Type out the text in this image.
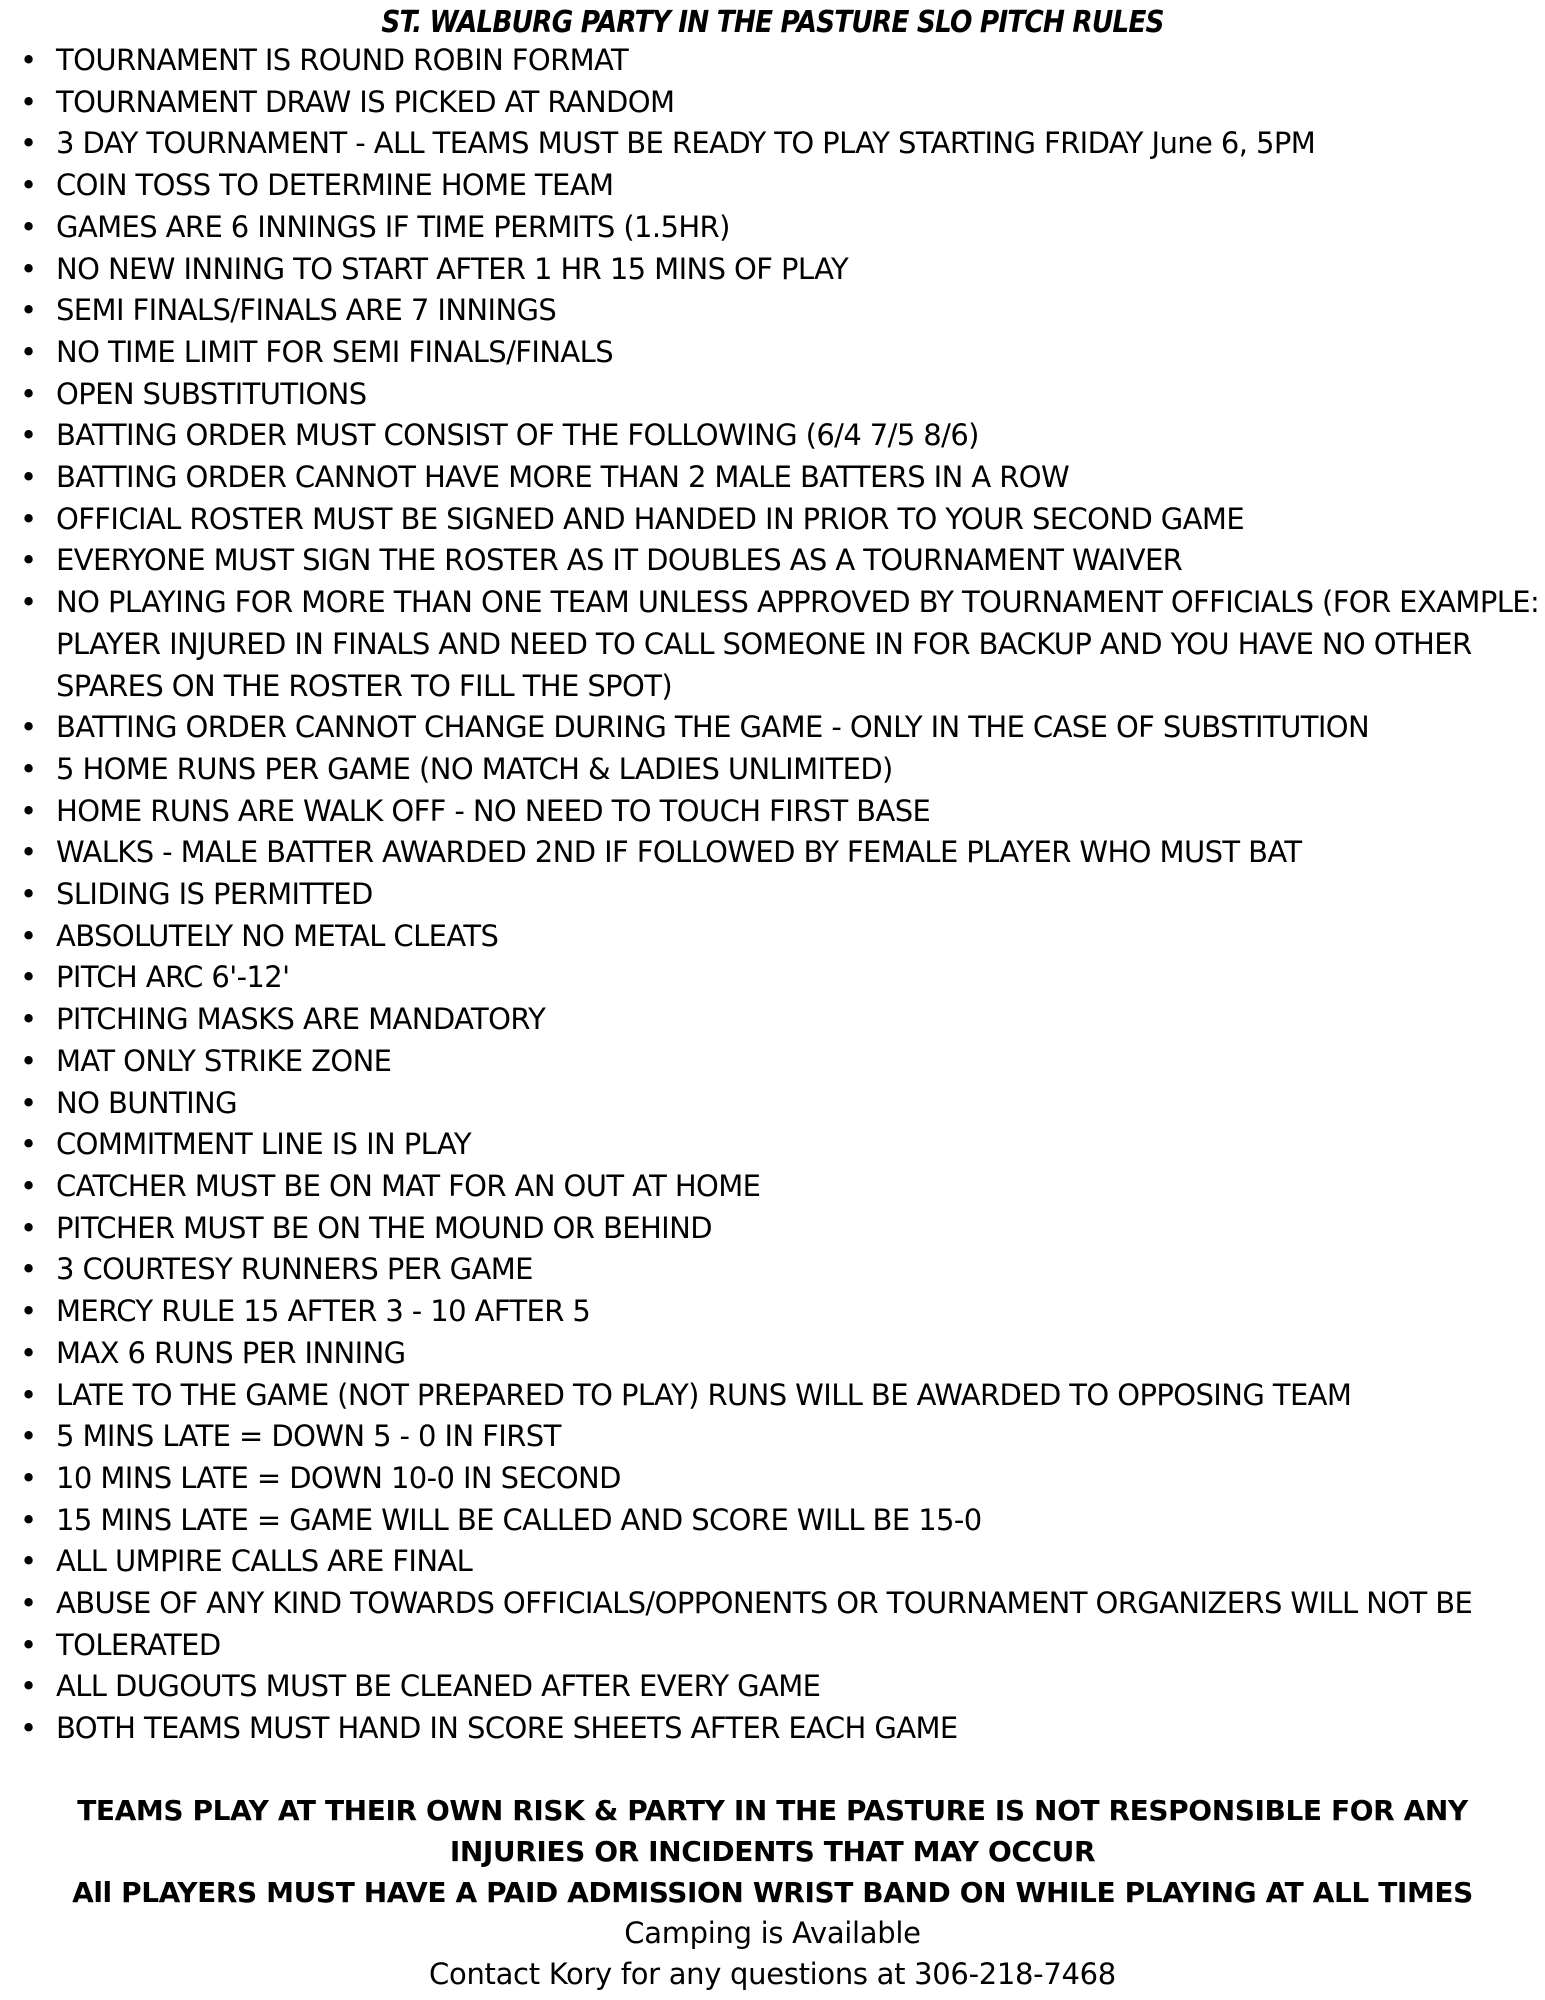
ST. WALBURG PARTY IN THE PASTURE SLO PITCH RULES
• TOURNAMENT IS ROUND ROBIN FORMAT
• TOURNAMENT DRAW IS PICKED AT RANDOM
• 3 DAY TOURNAMENT - ALL TEAMS MUST BE READY TO PLAY STARTING FRIDAY June 6, 5PM
• COIN TOSS TO DETERMINE HOME TEAM
• GAMES ARE 6 INNINGS IF TIME PERMITS (1.5HR)
• NO NEW INNING TO START AFTER 1 HR 15 MINS OF PLAY
• SEMI FINALS/FINALS ARE 7 INNINGS
• NO TIME LIMIT FOR SEMI FINALS/FINALS
• OPEN SUBSTITUTIONS
• BATTING ORDER MUST CONSIST OF THE FOLLOWING (6/4 7/5 8/6)
• BATTING ORDER CANNOT HAVE MORE THAN 2 MALE BATTERS IN A ROW
• OFFICIAL ROSTER MUST BE SIGNED AND HANDED IN PRIOR TO YOUR SECOND GAME
• EVERYONE MUST SIGN THE ROSTER AS IT DOUBLES AS A TOURNAMENT WAIVER
• NO PLAYING FOR MORE THAN ONE TEAM UNLESS APPROVED BY TOURNAMENT OFFICIALS (FOR EXAMPLE: PLAYER INJURED IN FINALS AND NEED TO CALL SOMEONE IN FOR BACKUP AND YOU HAVE NO OTHER SPARES ON THE ROSTER TO FILL THE SPOT)
• BATTING ORDER CANNOT CHANGE DURING THE GAME - ONLY IN THE CASE OF SUBSTITUTION
• 5 HOME RUNS PER GAME (NO MATCH & LADIES UNLIMITED)
• HOME RUNS ARE WALK OFF - NO NEED TO TOUCH FIRST BASE
• WALKS - MALE BATTER AWARDED 2ND IF FOLLOWED BY FEMALE PLAYER WHO MUST BAT
• SLIDING IS PERMITTED
• ABSOLUTELY NO METAL CLEATS
• PITCH ARC 6'-12'
• PITCHING MASKS ARE MANDATORY
• MAT ONLY STRIKE ZONE
• NO BUNTING
• COMMITMENT LINE IS IN PLAY
• CATCHER MUST BE ON MAT FOR AN OUT AT HOME
• PITCHER MUST BE ON THE MOUND OR BEHIND
• 3 COURTESY RUNNERS PER GAME
• MERCY RULE 15 AFTER 3 - 10 AFTER 5
• MAX 6 RUNS PER INNING
• LATE TO THE GAME (NOT PREPARED TO PLAY) RUNS WILL BE AWARDED TO OPPOSING TEAM
• 5 MINS LATE = DOWN 5 - 0 IN FIRST
• 10 MINS LATE = DOWN 10-0 IN SECOND
• 15 MINS LATE = GAME WILL BE CALLED AND SCORE WILL BE 15-0
• ALL UMPIRE CALLS ARE FINAL
• ABUSE OF ANY KIND TOWARDS OFFICIALS/OPPONENTS OR TOURNAMENT ORGANIZERS WILL NOT BE
• TOLERATED
• ALL DUGOUTS MUST BE CLEANED AFTER EVERY GAME
• BOTH TEAMS MUST HAND IN SCORE SHEETS AFTER EACH GAME
TEAMS PLAY AT THEIR OWN RISK & PARTY IN THE PASTURE IS NOT RESPONSIBLE FOR ANY INJURIES OR INCIDENTS THAT MAY OCCUR
All PLAYERS MUST HAVE A PAID ADMISSION WRIST BAND ON WHILE PLAYING AT ALL TIMES
Camping is Available
Contact Kory for any questions at 306-218-7468
